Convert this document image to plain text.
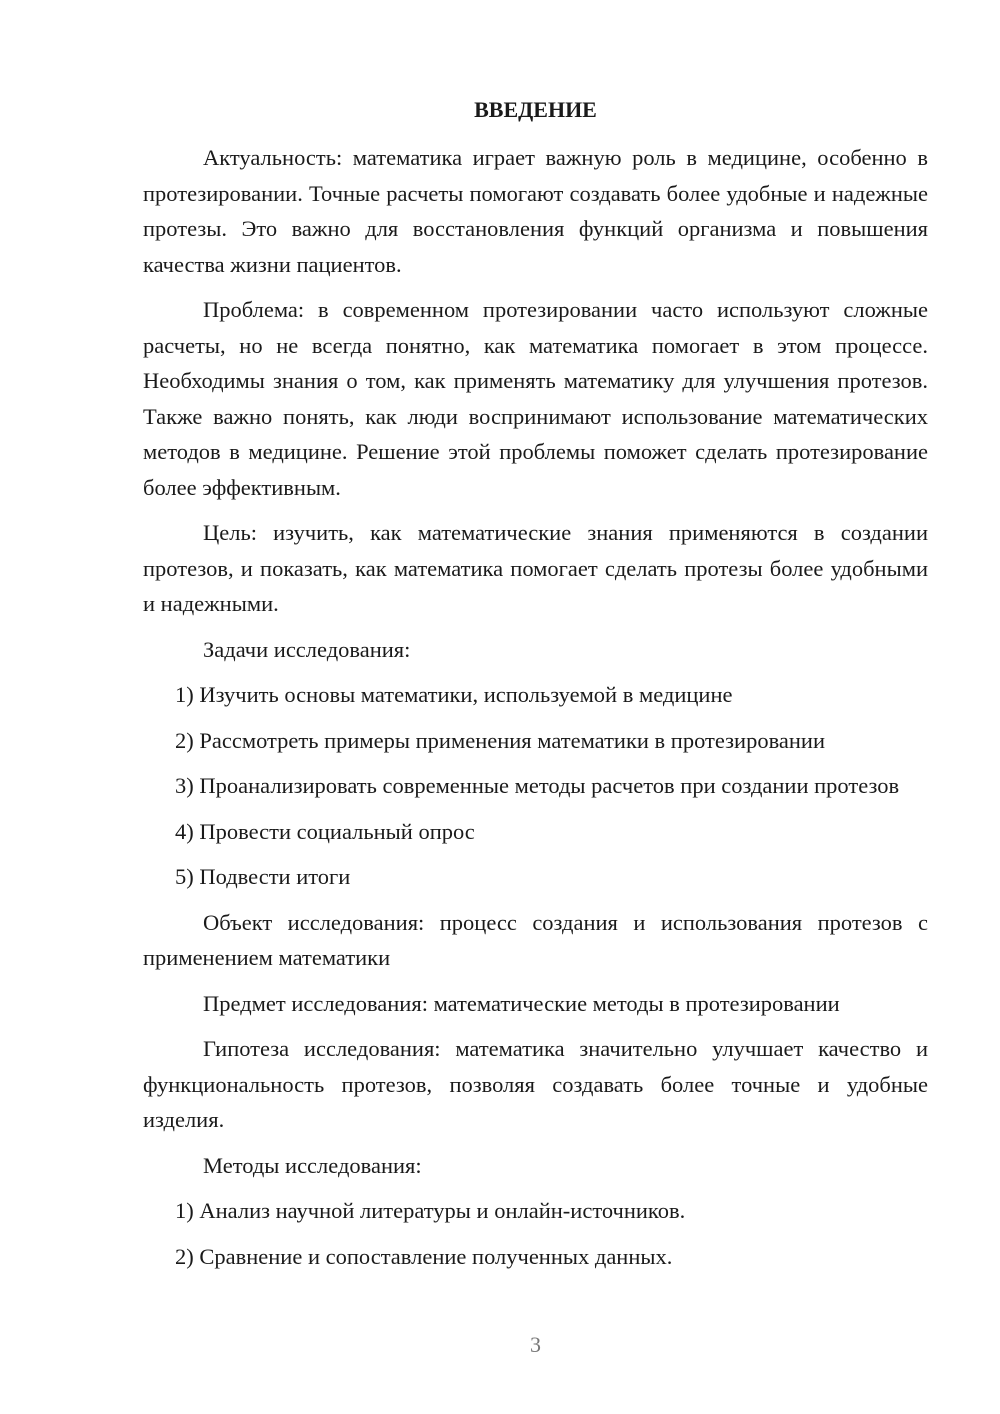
ВВЕДЕНИЕ

Актуальность: математика играет важную роль в медицине, особенно в протезировании. Точные расчеты помогают создавать более удобные и надежные протезы. Это важно для восстановления функций организма и повышения качества жизни пациентов.

Проблема: в современном протезировании часто используют сложные расчеты, но не всегда понятно, как математика помогает в этом процессе. Необходимы знания о том, как применять математику для улучшения протезов. Также важно понять, как люди воспринимают использование математических методов в медицине. Решение этой проблемы поможет сделать протезирование более эффективным.

Цель: изучить, как математические знания применяются в создании протезов, и показать, как математика помогает сделать протезы более удобными и надежными.

Задачи исследования:

1) Изучить основы математики, используемой в медицине

2) Рассмотреть примеры применения математики в протезировании

3) Проанализировать современные методы расчетов при создании протезов

4) Провести социальный опрос

5) Подвести итоги

Объект исследования: процесс создания и использования протезов с применением математики

Предмет исследования: математические методы в протезировании

Гипотеза исследования: математика значительно улучшает качество и функциональность протезов, позволяя создавать более точные и удобные изделия.

Методы исследования:

1) Анализ научной литературы и онлайн-источников.

2) Сравнение и сопоставление полученных данных.

3
